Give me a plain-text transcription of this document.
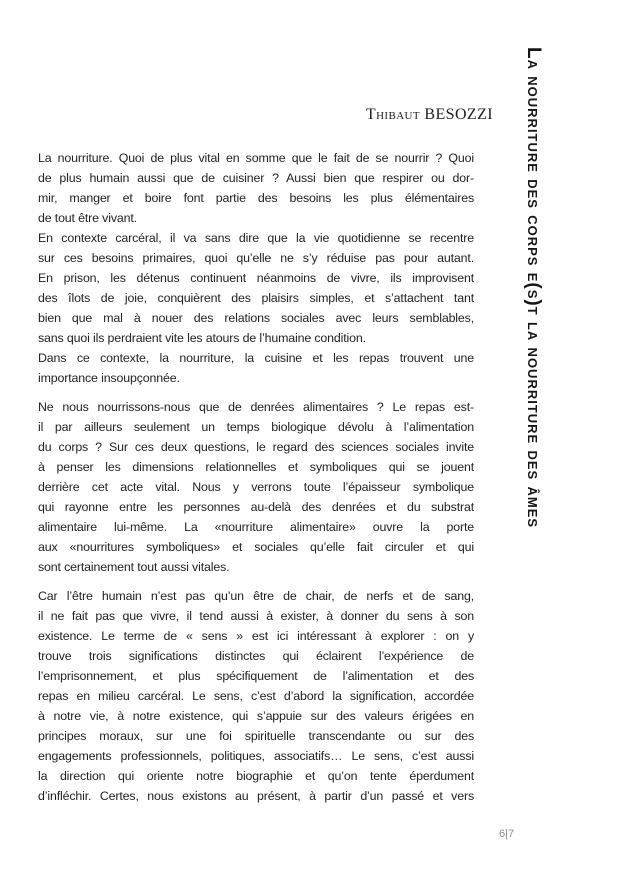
Thibaut BESOZZI La nourriture des corps e(s)t la nourriture des âmes
La nourriture. Quoi de plus vital en somme que le fait de se nourrir ? Quoi
de plus humain aussi que de cuisiner ? Aussi bien que respirer ou dor-
mir, manger et boire font partie des besoins les plus élémentaires
de tout être vivant.
En contexte carcéral, il va sans dire que la vie quotidienne se recentre
sur ces besoins primaires, quoi qu’elle ne s’y réduise pas pour autant.
En prison, les détenus continuent néanmoins de vivre, ils improvisent
des îlots de joie, conquièrent des plaisirs simples, et s’attachent tant
bien que mal à nouer des relations sociales avec leurs semblables,
sans quoi ils perdraient vite les atours de l’humaine condition.
Dans ce contexte, la nourriture, la cuisine et les repas trouvent une
importance insoupçonnée.
Ne nous nourrissons-nous que de denrées alimentaires ? Le repas est-
il par ailleurs seulement un temps biologique dévolu à l’alimentation
du corps ? Sur ces deux questions, le regard des sciences sociales invite
à penser les dimensions relationnelles et symboliques qui se jouent
derrière cet acte vital. Nous y verrons toute l’épaisseur symbolique
qui rayonne entre les personnes au-delà des denrées et du substrat
alimentaire lui-même. La «nourriture alimentaire» ouvre la porte
aux «nourritures symboliques» et sociales qu’elle fait circuler et qui
sont certainement tout aussi vitales.
Car l’être humain n’est pas qu’un être de chair, de nerfs et de sang,
il ne fait pas que vivre, il tend aussi à exister, à donner du sens à son
existence. Le terme de « sens » est ici intéressant à explorer : on y
trouve trois significations distinctes qui éclairent l’expérience de
l’emprisonnement, et plus spécifiquement de l’alimentation et des
repas en milieu carcéral. Le sens, c’est d’abord la signification, accordée
à notre vie, à notre existence, qui s’appuie sur des valeurs érigées en
principes moraux, sur une foi spirituelle transcendante ou sur des
engagements professionnels, politiques, associatifs… Le sens, c’est aussi
la direction qui oriente notre biographie et qu’on tente éperdument
d’infléchir. Certes, nous existons au présent, à partir d’un passé et vers
6|7
